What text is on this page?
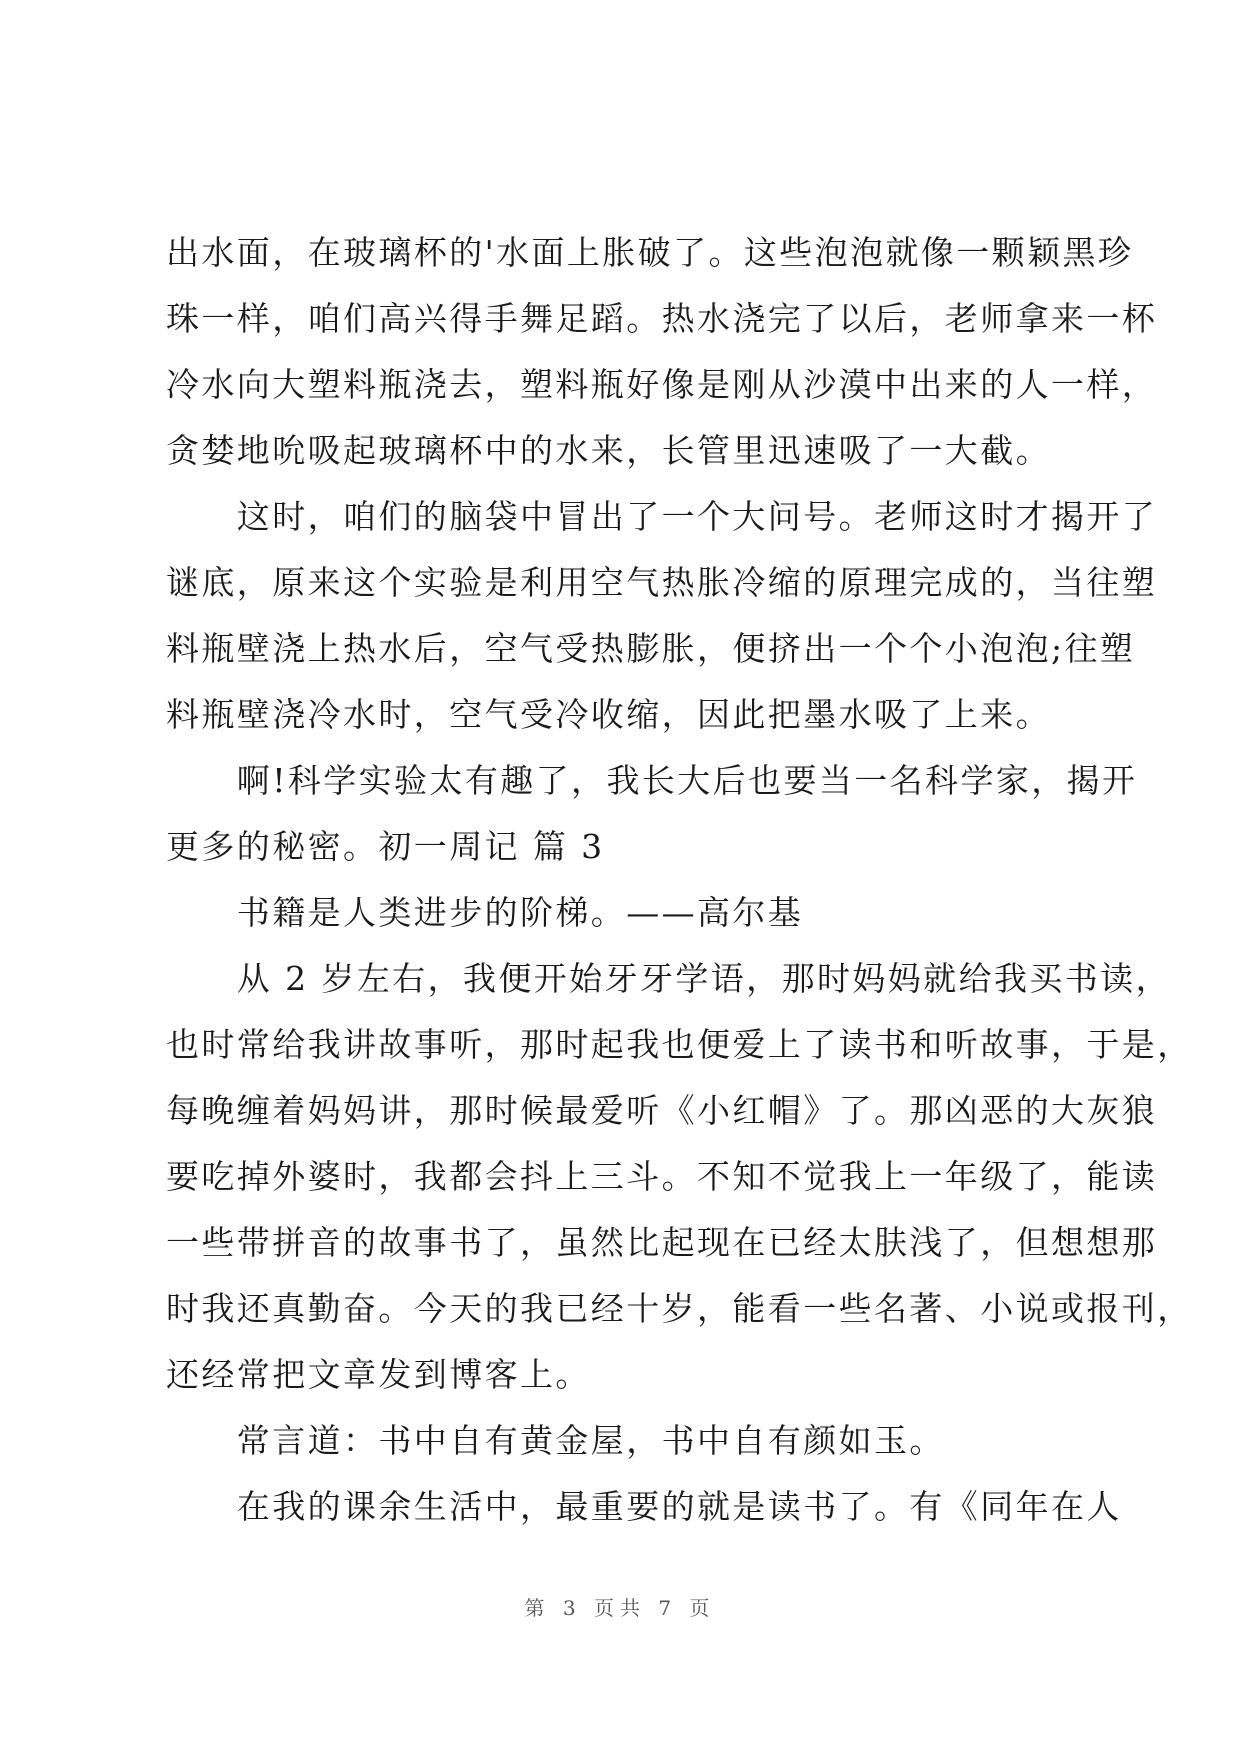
出水面，在玻璃杯的'水面上胀破了。这些泡泡就像一颗颖黑珍
珠一样，咱们高兴得手舞足蹈。热水浇完了以后，老师拿来一杯
冷水向大塑料瓶浇去，塑料瓶好像是刚从沙漠中出来的人一样，
贪婪地吮吸起玻璃杯中的水来，长管里迅速吸了一大截。
　　这时，咱们的脑袋中冒出了一个大问号。老师这时才揭开了
谜底，原来这个实验是利用空气热胀冷缩的原理完成的，当往塑
料瓶壁浇上热水后，空气受热膨胀，便挤出一个个小泡泡;往塑
料瓶壁浇冷水时，空气受冷收缩，因此把墨水吸了上来。
　　啊!科学实验太有趣了，我长大后也要当一名科学家，揭开
更多的秘密。初一周记 篇 3
　　书籍是人类进步的阶梯。——高尔基
　　从 2 岁左右，我便开始牙牙学语，那时妈妈就给我买书读，
也时常给我讲故事听，那时起我也便爱上了读书和听故事，于是，
每晚缠着妈妈讲，那时候最爱听《小红帽》了。那凶恶的大灰狼
要吃掉外婆时，我都会抖上三斗。不知不觉我上一年级了，能读
一些带拼音的故事书了，虽然比起现在已经太肤浅了，但想想那
时我还真勤奋。今天的我已经十岁，能看一些名著、小说或报刊，
还经常把文章发到博客上。
　　常言道：书中自有黄金屋，书中自有颜如玉。
　　在我的课余生活中，最重要的就是读书了。有《同年在人
第 3 页共 7 页
